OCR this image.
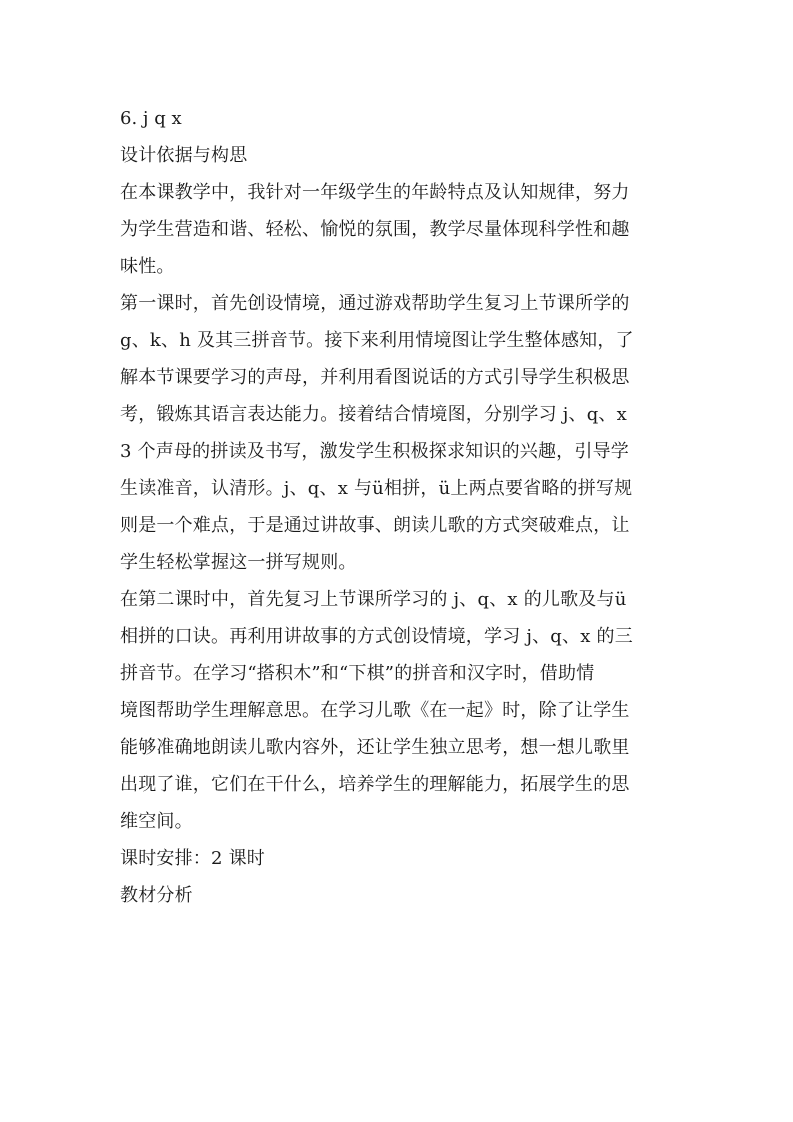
6. j q x

设计依据与构思

在本课教学中，我针对一年级学生的年龄特点及认知规律，努力

为学生营造和谐、轻松、愉悦的氛围，教学尽量体现科学性和趣

味性。

第一课时，首先创设情境，通过游戏帮助学生复习上节课所学的

g、k、h 及其三拼音节。接下来利用情境图让学生整体感知，了

解本节课要学习的声母，并利用看图说话的方式引导学生积极思

考，锻炼其语言表达能力。接着结合情境图，分别学习 j、q、x

3 个声母的拼读及书写，激发学生积极探求知识的兴趣，引导学

生读准音，认清形。j、q、x 与ü相拼，ü上两点要省略的拼写规

则是一个难点，于是通过讲故事、朗读儿歌的方式突破难点，让

学生轻松掌握这一拼写规则。

在第二课时中，首先复习上节课所学习的 j、q、x 的儿歌及与ü

相拼的口诀。再利用讲故事的方式创设情境，学习 j、q、x 的三

拼音节。在学习“搭积木”和“下棋”的拼音和汉字时，借助情

境图帮助学生理解意思。在学习儿歌《在一起》时，除了让学生

能够准确地朗读儿歌内容外，还让学生独立思考，想一想儿歌里

出现了谁，它们在干什么，培养学生的理解能力，拓展学生的思

维空间。

课时安排：2 课时

教材分析
